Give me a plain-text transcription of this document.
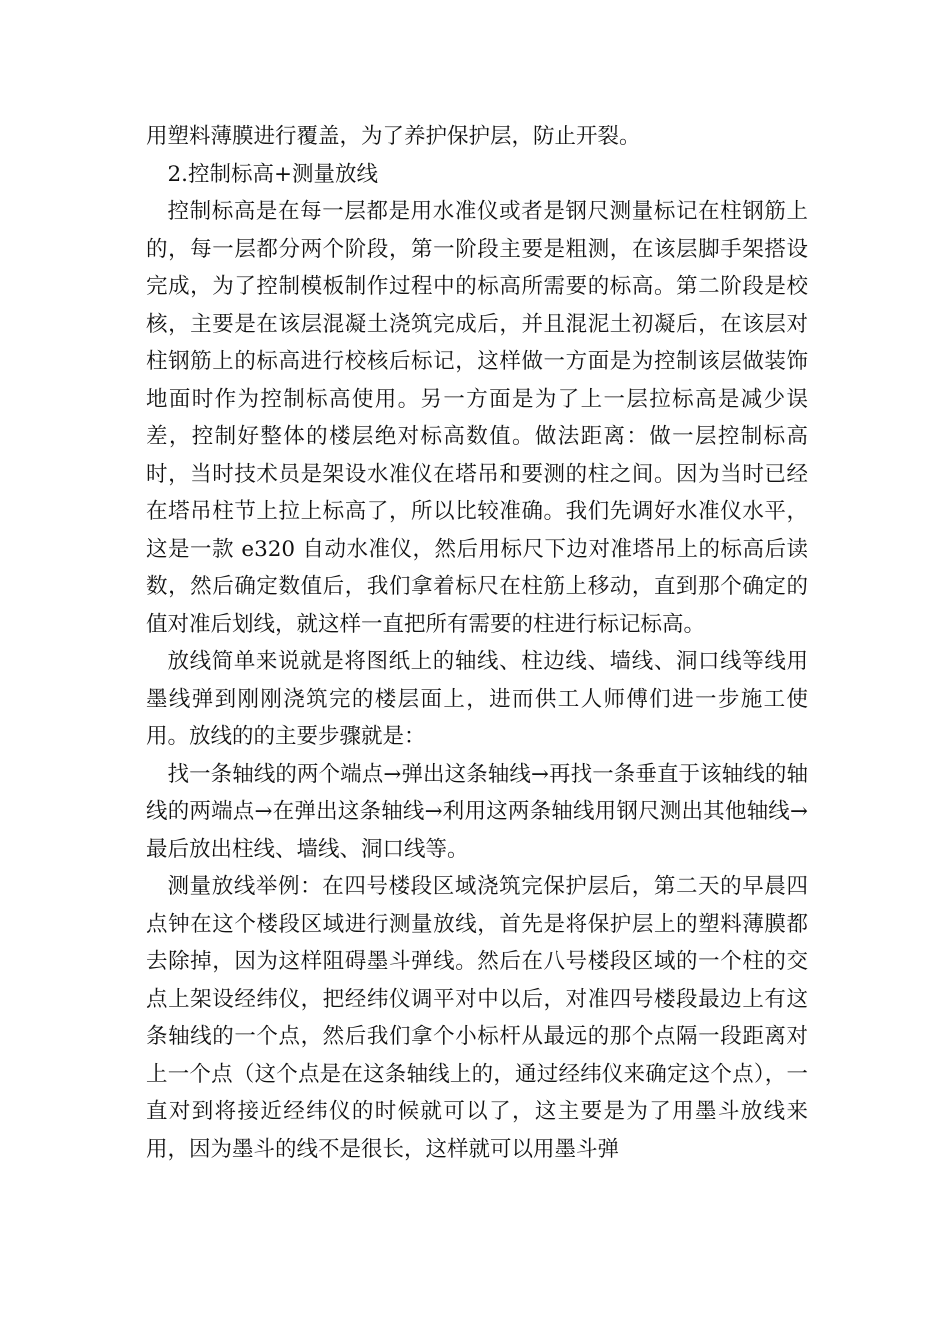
用塑料薄膜进行覆盖，为了养护保护层，防止开裂。

2.控制标高+测量放线

控制标高是在每一层都是用水准仪或者是钢尺测量标记在柱钢筋上的，每一层都分两个阶段，第一阶段主要是粗测，在该层脚手架搭设完成，为了控制模板制作过程中的标高所需要的标高。第二阶段是校核，主要是在该层混凝土浇筑完成后，并且混泥土初凝后，在该层对柱钢筋上的标高进行校核后标记，这样做一方面是为控制该层做装饰地面时作为控制标高使用。另一方面是为了上一层拉标高是减少误差，控制好整体的楼层绝对标高数值。做法距离：做一层控制标高时，当时技术员是架设水准仪在塔吊和要测的柱之间。因为当时已经在塔吊柱节上拉上标高了，所以比较准确。我们先调好水准仪水平，这是一款 e320 自动水准仪，然后用标尺下边对准塔吊上的标高后读数，然后确定数值后，我们拿着标尺在柱筋上移动，直到那个确定的值对准后划线，就这样一直把所有需要的柱进行标记标高。

放线简单来说就是将图纸上的轴线、柱边线、墙线、洞口线等线用墨线弹到刚刚浇筑完的楼层面上，进而供工人师傅们进一步施工使用。放线的的主要步骤就是：

找一条轴线的两个端点→弹出这条轴线→再找一条垂直于该轴线的轴线的两端点→在弹出这条轴线→利用这两条轴线用钢尺测出其他轴线→最后放出柱线、墙线、洞口线等。

测量放线举例：在四号楼段区域浇筑完保护层后，第二天的早晨四点钟在这个楼段区域进行测量放线，首先是将保护层上的塑料薄膜都去除掉，因为这样阻碍墨斗弹线。然后在八号楼段区域的一个柱的交点上架设经纬仪，把经纬仪调平对中以后，对准四号楼段最边上有这条轴线的一个点，然后我们拿个小标杆从最远的那个点隔一段距离对上一个点（这个点是在这条轴线上的，通过经纬仪来确定这个点），一直对到将接近经纬仪的时候就可以了，这主要是为了用墨斗放线来用，因为墨斗的线不是很长，这样就可以用墨斗弹
